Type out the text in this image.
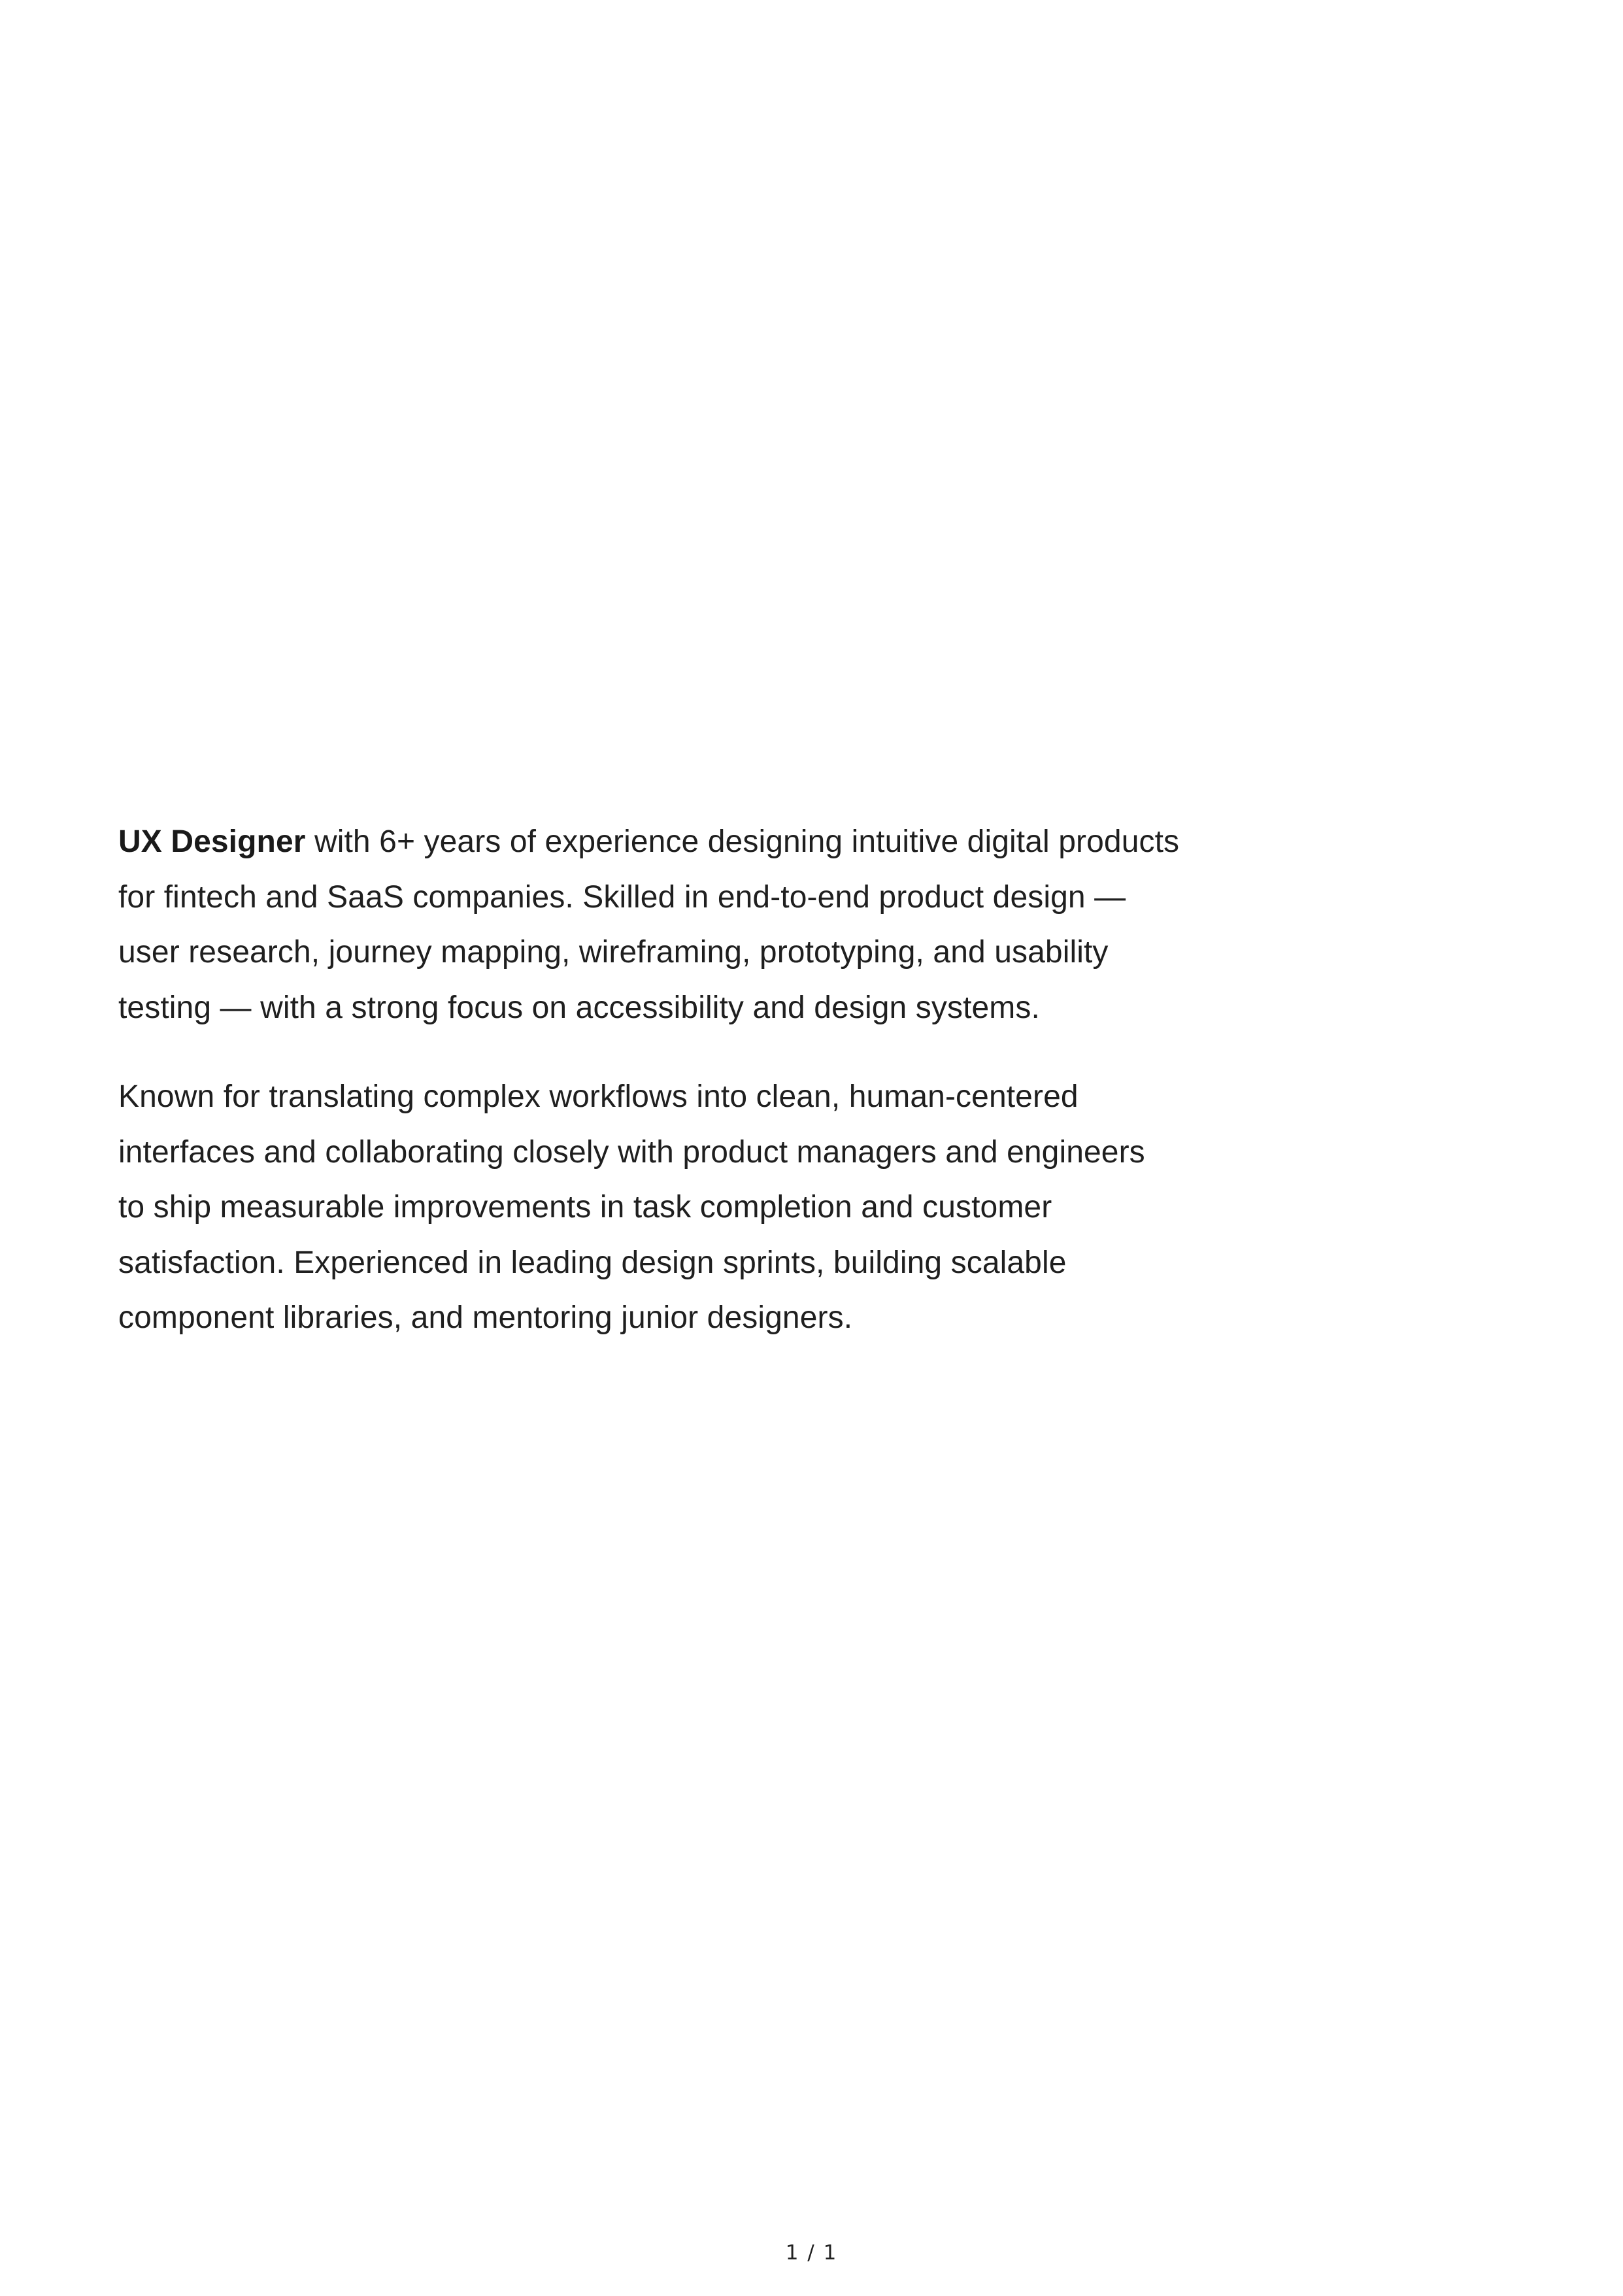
UX Designer with 6+ years of experience designing intuitive digital products
for fintech and SaaS companies. Skilled in end-to-end product design —
user research, journey mapping, wireframing, prototyping, and usability
testing — with a strong focus on accessibility and design systems.

Known for translating complex workflows into clean, human-centered
interfaces and collaborating closely with product managers and engineers
to ship measurable improvements in task completion and customer
satisfaction. Experienced in leading design sprints, building scalable
component libraries, and mentoring junior designers.

1 / 1
